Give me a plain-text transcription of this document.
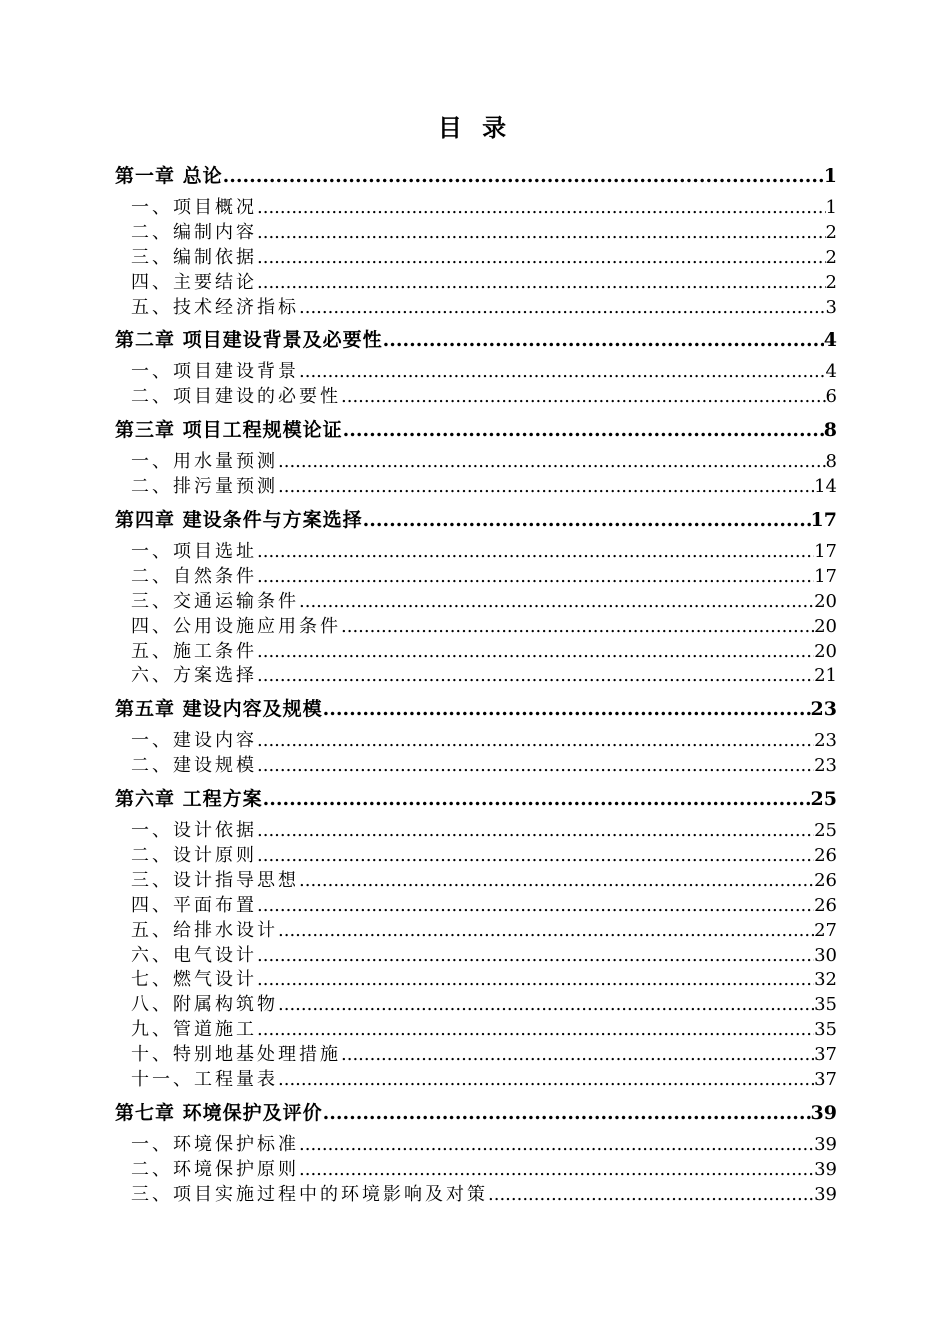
目 录
第一章 总论 .....	1
一、项目概况 .....	1
二、编制内容 .....	2
三、编制依据 .....	2
四、主要结论 .....	2
五、技术经济指标 .....	3
第二章 项目建设背景及必要性 .....	4
一、项目建设背景 .....	4
二、项目建设的必要性 .....	6
第三章 项目工程规模论证 .....	8
一、用水量预测 .....	8
二、排污量预测 .....	14
第四章 建设条件与方案选择 .....	17
一、项目选址 .....	17
二、自然条件 .....	17
三、交通运输条件 .....	20
四、公用设施应用条件 .....	20
五、施工条件 .....	20
六、方案选择 .....	21
第五章 建设内容及规模 .....	23
一、建设内容 .....	23
二、建设规模 .....	23
第六章 工程方案 .....	25
一、设计依据 .....	25
二、设计原则 .....	26
三、设计指导思想 .....	26
四、平面布置 .....	26
五、给排水设计 .....	27
六、电气设计 .....	30
七、燃气设计 .....	32
八、附属构筑物 .....	35
九、管道施工 .....	35
十、特别地基处理措施 .....	37
十一、工程量表 .....	37
第七章 环境保护及评价 .....	39
一、环境保护标准 .....	39
二、环境保护原则 .....	39
三、项目实施过程中的环境影响及对策 .....	39
